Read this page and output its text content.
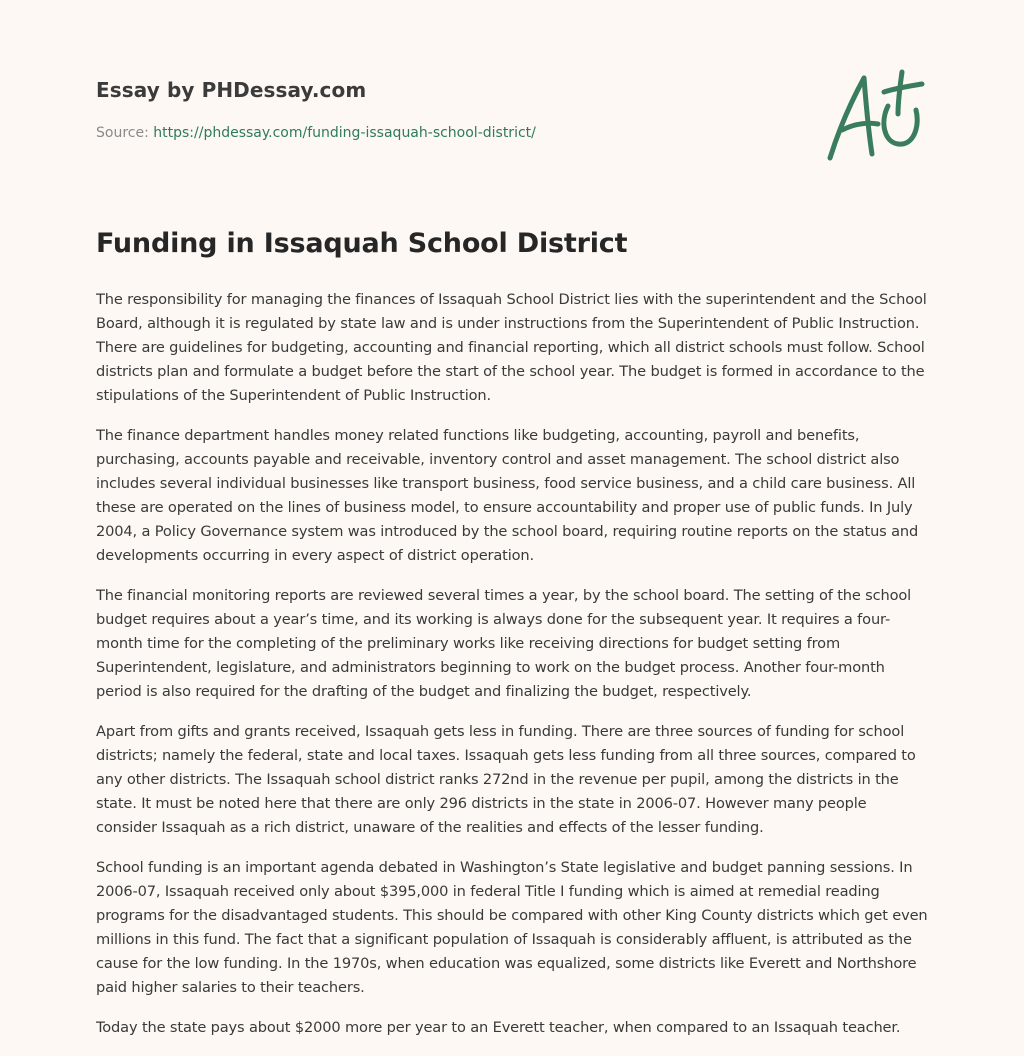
Essay by PHDessay.com
Source: https://phdessay.com/funding-issaquah-school-district/
Funding in Issaquah School District

The responsibility for managing the finances of Issaquah School District lies with the superintendent and the School Board, although it is regulated by state law and is under instructions from the Superintendent of Public Instruction. There are guidelines for budgeting, accounting and financial reporting, which all district schools must follow. School districts plan and formulate a budget before the start of the school year. The budget is formed in accordance to the stipulations of the Superintendent of Public Instruction.

The finance department handles money related functions like budgeting, accounting, payroll and benefits, purchasing, accounts payable and receivable, inventory control and asset management. The school district also includes several individual businesses like transport business, food service business, and a child care business. All these are operated on the lines of business model, to ensure accountability and proper use of public funds. In July 2004, a Policy Governance system was introduced by the school board, requiring routine reports on the status and developments occurring in every aspect of district operation.

The financial monitoring reports are reviewed several times a year, by the school board. The setting of the school budget requires about a year’s time, and its working is always done for the subsequent year. It requires a four-month time for the completing of the preliminary works like receiving directions for budget setting from Superintendent, legislature, and administrators beginning to work on the budget process. Another four-month period is also required for the drafting of the budget and finalizing the budget, respectively.

Apart from gifts and grants received, Issaquah gets less in funding. There are three sources of funding for school districts; namely the federal, state and local taxes. Issaquah gets less funding from all three sources, compared to any other districts. The Issaquah school district ranks 272nd in the revenue per pupil, among the districts in the state. It must be noted here that there are only 296 districts in the state in 2006-07. However many people consider Issaquah as a rich district, unaware of the realities and effects of the lesser funding.

School funding is an important agenda debated in Washington’s State legislative and budget panning sessions. In 2006-07, Issaquah received only about $395,000 in federal Title I funding which is aimed at remedial reading programs for the disadvantaged students. This should be compared with other King County districts which get even millions in this fund. The fact that a significant population of Issaquah is considerably affluent, is attributed as the cause for the low funding. In the 1970s, when education was equalized, some districts like Everett and Northshore paid higher salaries to their teachers.

Today the state pays about $2000 more per year to an Everett teacher, when compared to an Issaquah teacher.
